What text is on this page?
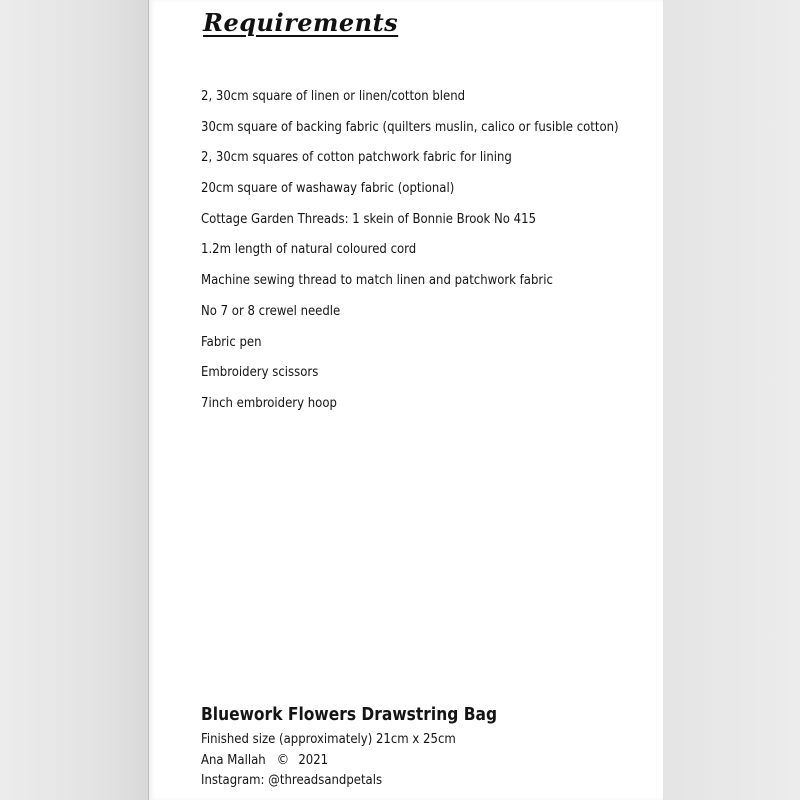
Requirements
2, 30cm square of linen or linen/cotton blend
30cm square of backing fabric (quilters muslin, calico or fusible cotton)
2, 30cm squares of cotton patchwork fabric for lining
20cm square of washaway fabric (optional)
Cottage Garden Threads: 1 skein of Bonnie Brook No 415
1.2m length of natural coloured cord
Machine sewing thread to match linen and patchwork fabric
No 7 or 8 crewel needle
Fabric pen
Embroidery scissors
7inch embroidery hoop
Bluework Flowers Drawstring Bag
Finished size (approximately) 21cm x 25cm
Ana Mallah © 2021
Instagram: @threadsandpetals
